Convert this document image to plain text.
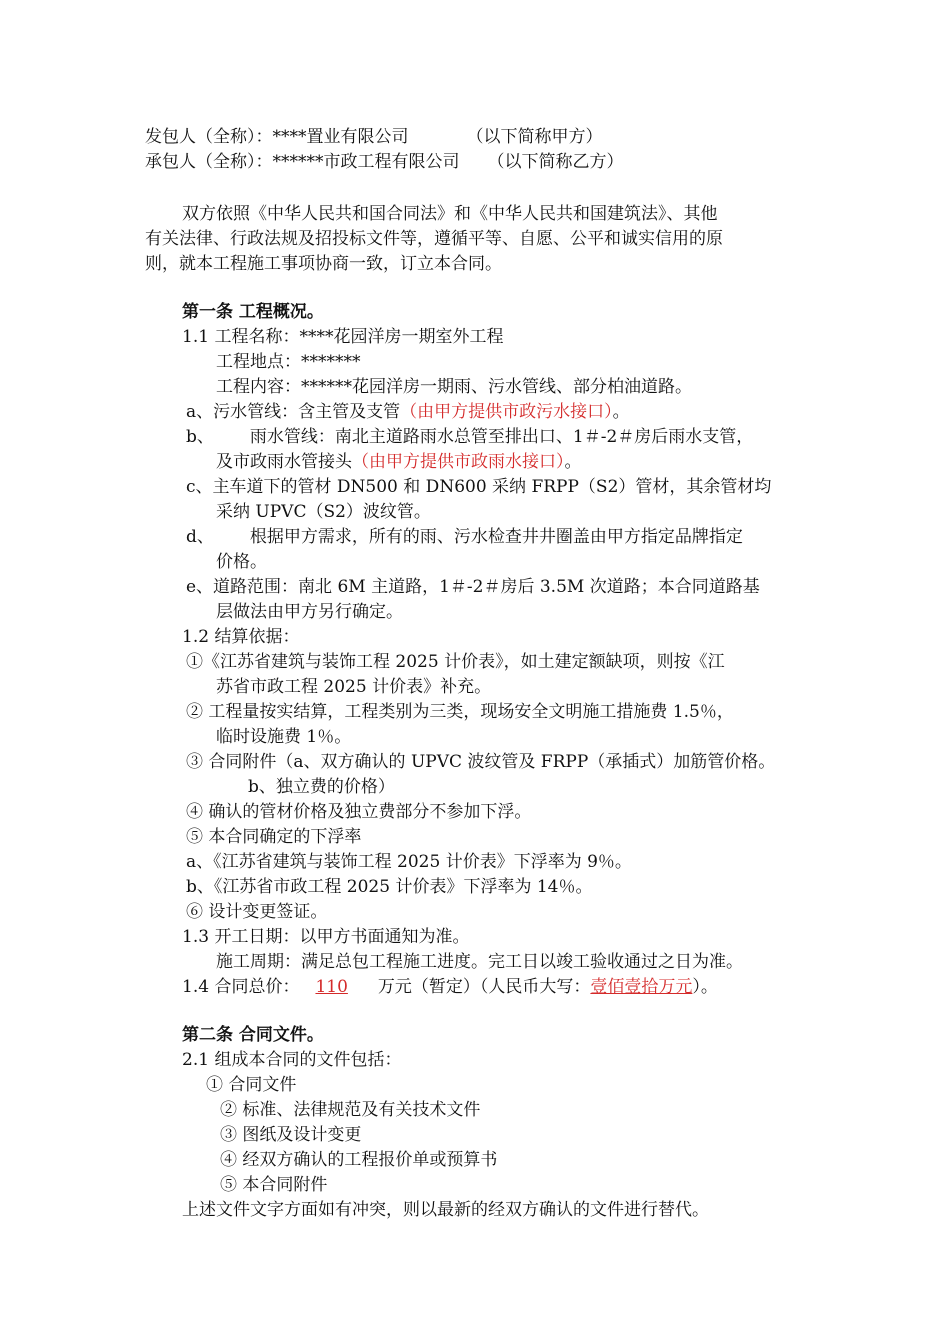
发包人（全称）：****置业有限公司	（以下简称甲方）
承包人（全称）：******市政工程有限公司 （以下简称乙方）
双方依照《中华人民共和国合同法》和《中华人民共和国建筑法》、其他
有关法律、行政法规及招投标文件等，遵循平等、自愿、公平和诚实信用的原
则，就本工程施工事项协商一致，订立本合同。
第一条 工程概况。
1.1 工程名称：****花园洋房一期室外工程
工程地点：*******
工程内容：******花园洋房一期雨、污水管线、部分柏油道路。
a、污水管线：含主管及支管（由甲方提供市政污水接口）。
b、 雨水管线：南北主道路雨水总管至排出口、1＃-2＃房后雨水支管，
及市政雨水管接头（由甲方提供市政雨水接口）。
c、主车道下的管材 DN500 和 DN600 采纳 FRPP（S2）管材，其余管材均
采纳 UPVC（S2）波纹管。
d、 根据甲方需求，所有的雨、污水检查井井圈盖由甲方指定品牌指定
价格。
e、道路范围：南北 6M 主道路，1＃-2＃房后 3.5M 次道路；本合同道路基
层做法由甲方另行确定。
1.2 结算依据：
①《江苏省建筑与装饰工程 2025 计价表》，如土建定额缺项，则按《江
苏省市政工程 2025 计价表》补充。
② 工程量按实结算，工程类别为三类，现场安全文明施工措施费 1.5％，
临时设施费 1％。
③ 合同附件（a、双方确认的 UPVC 波纹管及 FRPP（承插式）加筋管价格。
b、独立费的价格）
④ 确认的管材价格及独立费部分不参加下浮。
⑤ 本合同确定的下浮率
a、《江苏省建筑与装饰工程 2025 计价表》下浮率为 9％。
b、《江苏省市政工程 2025 计价表》下浮率为 14％。
⑥ 设计变更签证。
1.3 开工日期：以甲方书面通知为准。
施工周期：满足总包工程施工进度。完工日以竣工验收通过之日为准。
1.4 合同总价： 110 万元（暂定）（人民币大写：壹佰壹拾万元）。
第二条 合同文件。
2.1 组成本合同的文件包括：
① 合同文件
② 标准、法律规范及有关技术文件
③ 图纸及设计变更
④ 经双方确认的工程报价单或预算书
⑤ 本合同附件
上述文件文字方面如有冲突，则以最新的经双方确认的文件进行替代。
